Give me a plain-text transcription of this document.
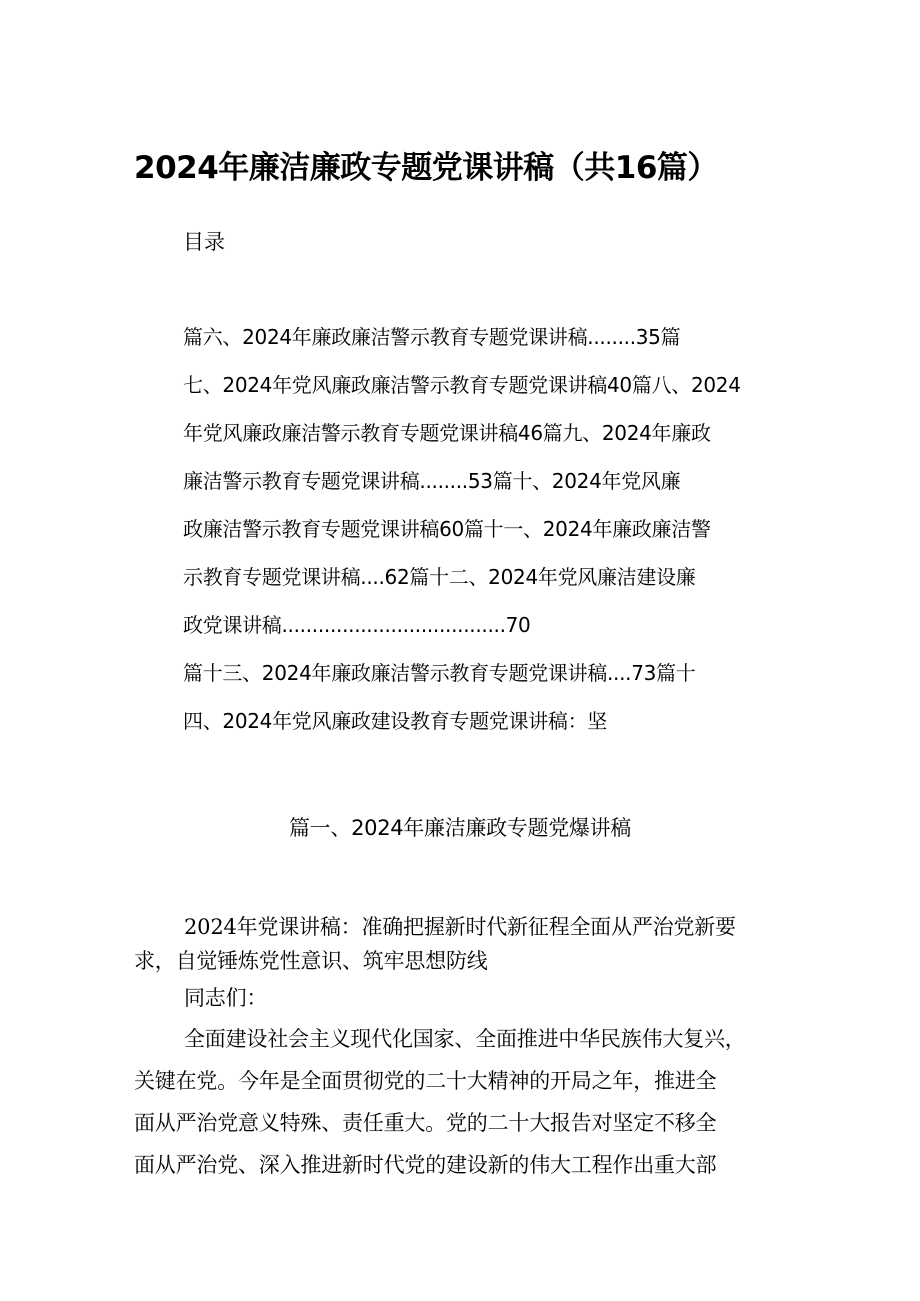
2024年廉洁廉政专题党课讲稿（共16篇）
目录
篇六、2024年廉政廉洁警示教育专题党课讲稿........35篇
七、2024年党风廉政廉洁警示教育专题党课讲稿40篇八、2024
年党风廉政廉洁警示教育专题党课讲稿46篇九、2024年廉政
廉洁警示教育专题党课讲稿........53篇十、2024年党风廉
政廉洁警示教育专题党课讲稿60篇十一、2024年廉政廉洁警
示教育专题党课讲稿....62篇十二、2024年党风廉洁建设廉
政党课讲稿.....................................70
篇十三、2024年廉政廉洁警示教育专题党课讲稿....73篇十
四、2024年党风廉政建设教育专题党课讲稿：坚
篇一、2024年廉洁廉政专题党爆讲稿
2024年党课讲稿：准确把握新时代新征程全面从严治党新要
求，自觉锤炼党性意识、筑牢思想防线
同志们：
全面建设社会主义现代化国家、全面推进中华民族伟大复兴，
关键在党。今年是全面贯彻党的二十大精神的开局之年，推进全
面从严治党意义特殊、责任重大。党的二十大报告对坚定不移全
面从严治党、深入推进新时代党的建设新的伟大工程作出重大部
